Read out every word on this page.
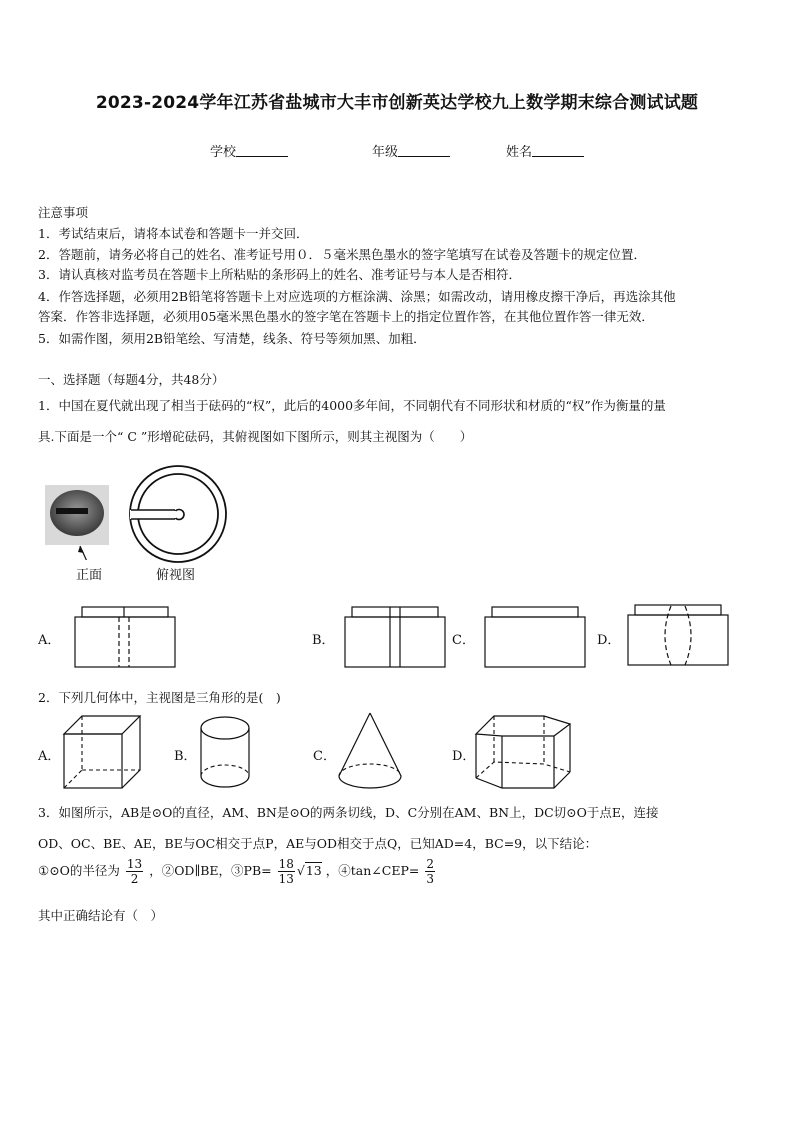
2023-2024学年江苏省盐城市大丰市创新英达学校九上数学期末综合测试试题
学校	年级	姓名
注意事项
1．考试结束后，请将本试卷和答题卡一并交回．
2．答题前，请务必将自己的姓名、准考证号用０．５毫米黑色墨水的签字笔填写在试卷及答题卡的规定位置．
3．请认真核对监考员在答题卡上所粘贴的条形码上的姓名、准考证号与本人是否相符．
4．作答选择题，必须用2B铅笔将答题卡上对应选项的方框涂满、涂黑；如需改动，请用橡皮擦干净后，再选涂其他
答案．作答非选择题，必须用05毫米黑色墨水的签字笔在答题卡上的指定位置作答，在其他位置作答一律无效．
5．如需作图，须用2B铅笔绘、写清楚，线条、符号等须加黑、加粗．
一、选择题（每题4分，共48分）
1．中国在夏代就出现了相当于砝码的“权”，此后的4000多年间，不同朝代有不同形状和材质的“权”作为衡量的量
具.下面是一个“ C ”形增砣砝码，其俯视图如下图所示，则其主视图为（　　）
正面	俯视图
A．	B．	C．	D．
2．下列几何体中，主视图是三角形的是(　)
A．	B．	C．	D．
3．如图所示，AB是⊙O的直径，AM、BN是⊙O的两条切线，D、C分别在AM、BN上，DC切⊙O于点E，连接
OD、OC、BE、AE，BE与OC相交于点P，AE与OD相交于点Q，已知AD=4，BC=9，以下结论：
①⊙O的半径为 $\frac{13}{2}$ ，②OD∥BE，③PB= $\frac{18}{13} √13$ ，④tan∠CEP= $\frac{2}{3}$
其中正确结论有（　）
